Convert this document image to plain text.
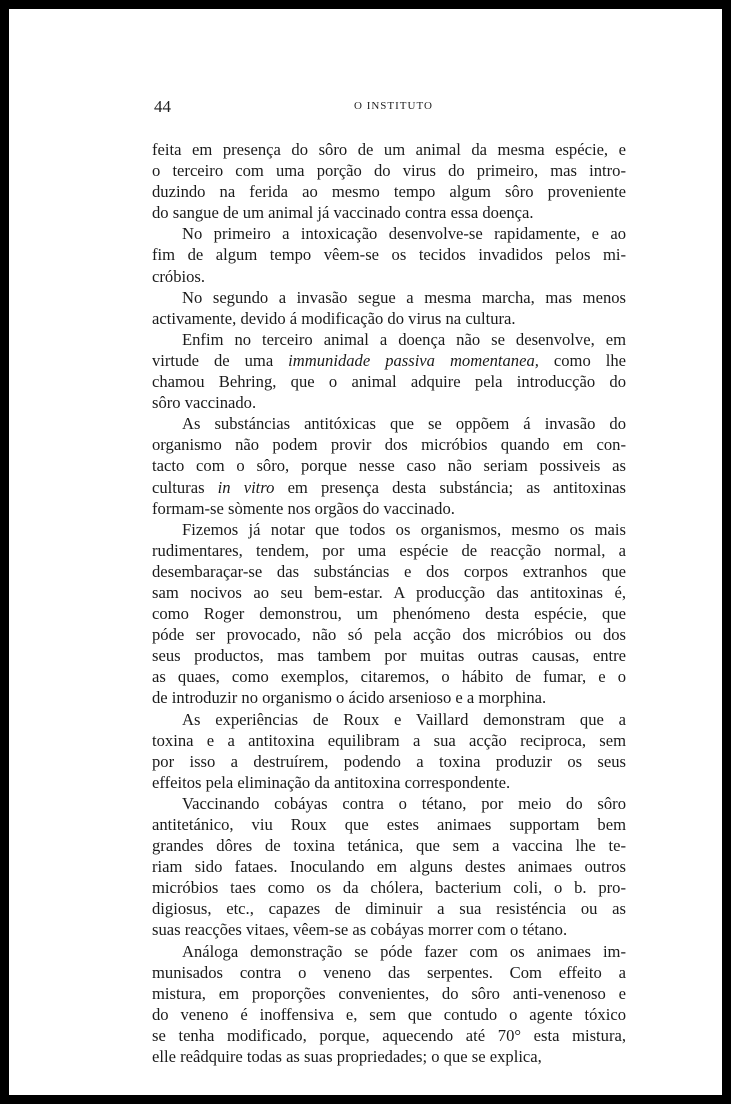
44	O INSTITUTO
feita em presença do sôro de um animal da mesma espécie, e
o terceiro com uma porção do virus do primeiro, mas intro-
duzindo na ferida ao mesmo tempo algum sôro proveniente
do sangue de um animal já vaccinado contra essa doença.
No primeiro a intoxicação desenvolve-se rapidamente, e ao
fim de algum tempo vêem-se os tecidos invadidos pelos mi-
cróbios.
No segundo a invasão segue a mesma marcha, mas menos
activamente, devido á modificação do virus na cultura.
Enfim no terceiro animal a doença não se desenvolve, em
virtude de uma immunidade passiva momentanea, como lhe
chamou Behring, que o animal adquire pela introducção do
sôro vaccinado.
As substáncias antitóxicas que se oppõem á invasão do
organismo não podem provir dos micróbios quando em con-
tacto com o sôro, porque nesse caso não seriam possiveis as
culturas in vitro em presença desta substáncia; as antitoxinas
formam-se sòmente nos orgãos do vaccinado.
Fizemos já notar que todos os organismos, mesmo os mais
rudimentares, tendem, por uma espécie de reacção normal, a
desembaraçar-se das substáncias e dos corpos extranhos que
sam nocivos ao seu bem-estar. A producção das antitoxinas é,
como Roger demonstrou, um phenómeno desta espécie, que
póde ser provocado, não só pela acção dos micróbios ou dos
seus productos, mas tambem por muitas outras causas, entre
as quaes, como exemplos, citaremos, o hábito de fumar, e o
de introduzir no organismo o ácido arsenioso e a morphina.
As experiências de Roux e Vaillard demonstram que a
toxina e a antitoxina equilibram a sua acção reciproca, sem
por isso a destruírem, podendo a toxina produzir os seus
effeitos pela eliminação da antitoxina correspondente.
Vaccinando cobáyas contra o tétano, por meio do sôro
antitetánico, viu Roux que estes animaes supportam bem
grandes dôres de toxina tetánica, que sem a vaccina lhe te-
riam sido fataes. Inoculando em alguns destes animaes outros
micróbios taes como os da chólera, bacterium coli, o b. pro-
digiosus, etc., capazes de diminuir a sua resisténcia ou as
suas reacções vitaes, vêem-se as cobáyas morrer com o tétano.
Análoga demonstração se póde fazer com os animaes im-
munisados contra o veneno das serpentes. Com effeito a
mistura, em proporções convenientes, do sôro anti-venenoso e
do veneno é inoffensiva e, sem que contudo o agente tóxico
se tenha modificado, porque, aquecendo até 70° esta mistura,
elle reâdquire todas as suas propriedades; o que se explica,
